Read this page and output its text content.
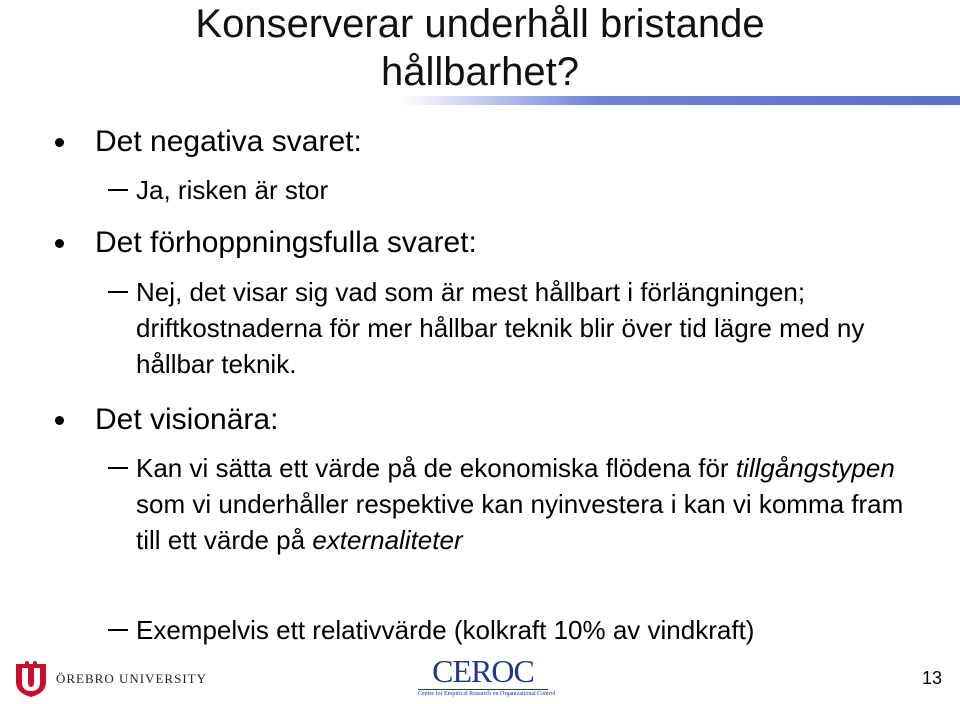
Konserverar underhåll bristande
hållbarhet?
Det negativa svaret:
Ja, risken är stor
Det förhoppningsfulla svaret:
Nej, det visar sig vad som är mest hållbart i förlängningen; driftkostnaderna för mer hållbar teknik blir över tid lägre med ny hållbar teknik.
Det visionära:
Kan vi sätta ett värde på de ekonomiska flödena för tillgångstypen som vi underhåller respektive kan nyinvestera i kan vi komma fram till ett värde på externaliteter
Exempelvis ett relativvärde (kolkraft 10% av vindkraft)
ÖREBRO UNIVERSITY	CEROC
Centre for Empirical Research on Organizational Control
13
